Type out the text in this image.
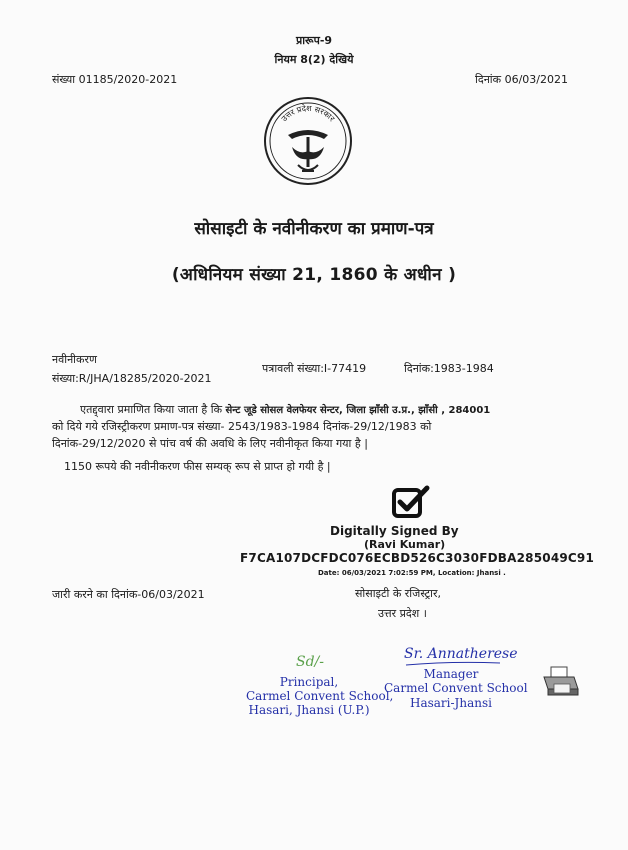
प्रारूप-9
नियम 8(2) देखिये
संख्या 01185/2020-2021	दिनांक 06/03/2021
उत्तर प्रदेश सरकार
सोसाइटी के नवीनीकरण का प्रमाण-पत्र
(अधिनियम संख्या 21, 1860 के अधीन )
नवीनीकरण
संख्या:R/JHA/18285/2020-2021
पत्रावली संख्या:I-77419	दिनांक:1983-1984
एतद्द्वारा प्रमाणित किया जाता है कि सेन्ट जूडे सोसल वेलफेयर सेन्टर, जिला झाँसी उ.प्र., झाँसी , 284001
को दिये गये रजिस्ट्रीकरण प्रमाण-पत्र संख्या- 2543/1983-1984 दिनांक-29/12/1983 को
दिनांक-29/12/2020 से पांच वर्ष की अवधि के लिए नवीनीकृत किया गया है |
1150 रूपये की नवीनीकरण फीस सम्यक् रूप से प्राप्त हो गयी है |
Digitally Signed By
(Ravi Kumar)
F7CA107DCFDC076ECBD526C3030FDBA285049C91
Date: 06/03/2021 7:02:59 PM, Location: Jhansi .
जारी करने का दिनांक-06/03/2021	सोसाइटी के रजिस्ट्रार,
उत्तर प्रदेश ।
Sd/-	Sr. Annatherese
Principal,
Carmel Convent School,
Hasari, Jhansi (U.P.)
Manager
Carmel Convent School
Hasari-Jhansi
